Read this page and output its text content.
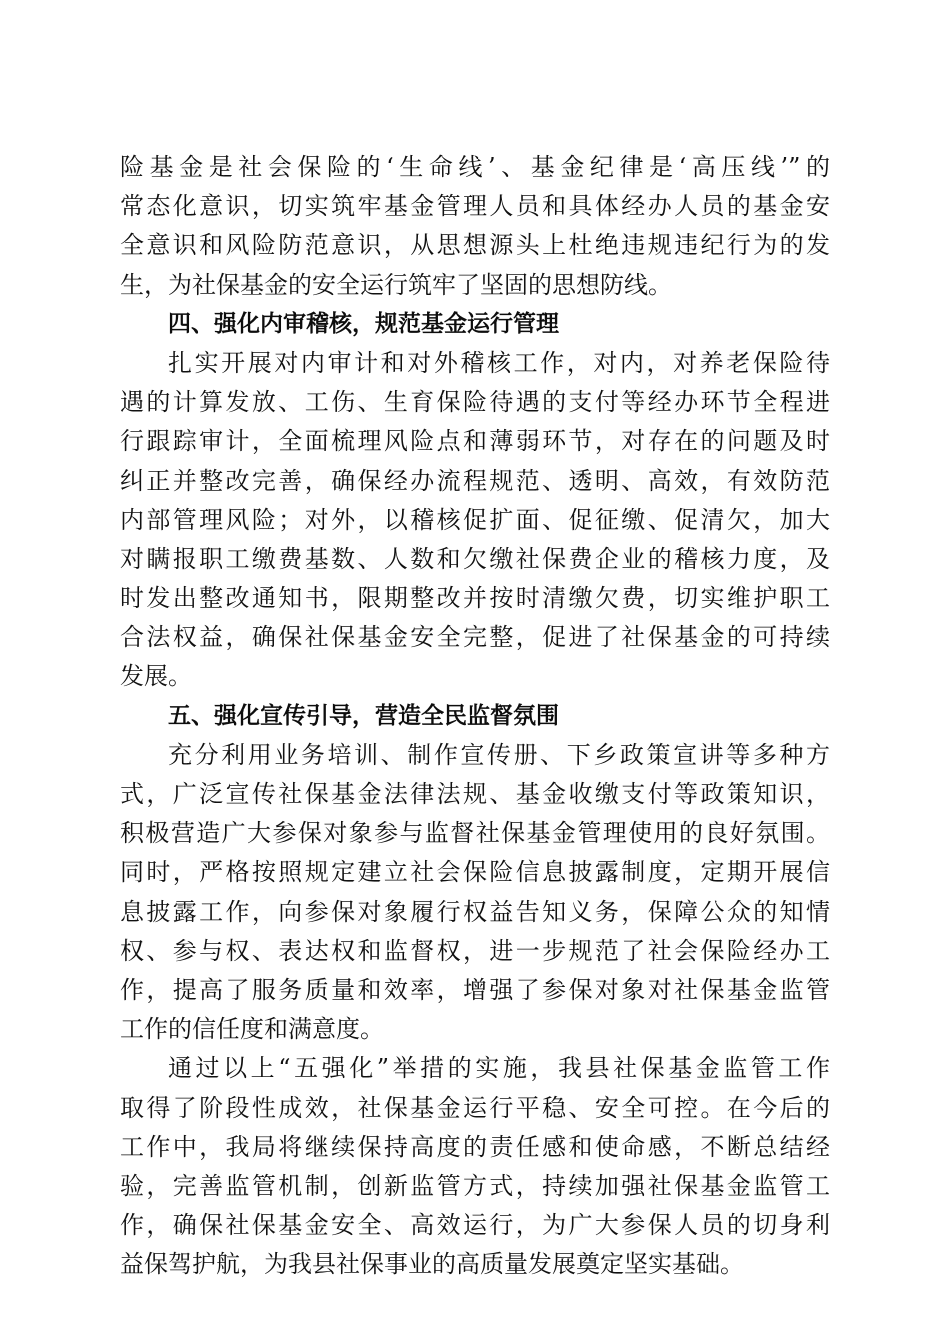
险基金是社会保险的‘生命线’、基金纪律是‘高压线’”的
常态化意识，切实筑牢基金管理人员和具体经办人员的基金安
全意识和风险防范意识，从思想源头上杜绝违规违纪行为的发
生，为社保基金的安全运行筑牢了坚固的思想防线。
四、强化内审稽核，规范基金运行管理
扎实开展对内审计和对外稽核工作，对内，对养老保险待
遇的计算发放、工伤、生育保险待遇的支付等经办环节全程进
行跟踪审计，全面梳理风险点和薄弱环节，对存在的问题及时
纠正并整改完善，确保经办流程规范、透明、高效，有效防范
内部管理风险；对外，以稽核促扩面、促征缴、促清欠，加大
对瞒报职工缴费基数、人数和欠缴社保费企业的稽核力度，及
时发出整改通知书，限期整改并按时清缴欠费，切实维护职工
合法权益，确保社保基金安全完整，促进了社保基金的可持续
发展。
五、强化宣传引导，营造全民监督氛围
充分利用业务培训、制作宣传册、下乡政策宣讲等多种方
式，广泛宣传社保基金法律法规、基金收缴支付等政策知识，
积极营造广大参保对象参与监督社保基金管理使用的良好氛围。
同时，严格按照规定建立社会保险信息披露制度，定期开展信
息披露工作，向参保对象履行权益告知义务，保障公众的知情
权、参与权、表达权和监督权，进一步规范了社会保险经办工
作，提高了服务质量和效率，增强了参保对象对社保基金监管
工作的信任度和满意度。
通过以上“五强化”举措的实施，我县社保基金监管工作
取得了阶段性成效，社保基金运行平稳、安全可控。在今后的
工作中，我局将继续保持高度的责任感和使命感，不断总结经
验，完善监管机制，创新监管方式，持续加强社保基金监管工
作，确保社保基金安全、高效运行，为广大参保人员的切身利
益保驾护航，为我县社保事业的高质量发展奠定坚实基础。
